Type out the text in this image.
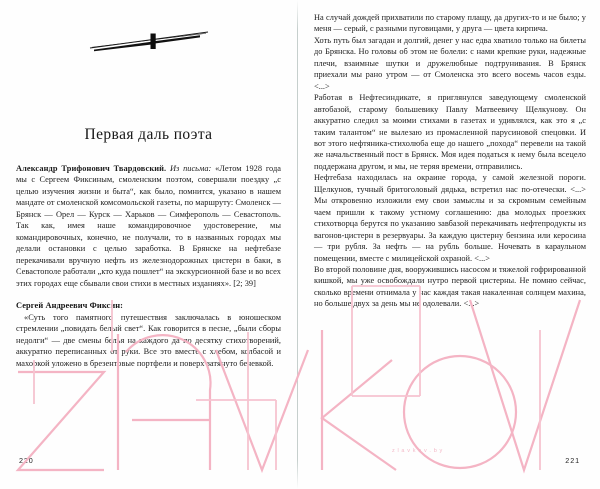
Первая даль поэта

Александр Трифонович Твардовский. Из письма: «Летом 1928 года мы с Сергеем Фиксиным, смоленским поэтом, совершали поездку „с целью изучения жизни и быта“, как было, помнится, указано в нашем мандате от смоленской комсомольской газеты, по маршруту: Смоленск — Брянск — Орел — Курск — Харьков — Симферополь — Севастополь. Так как, имея наше командировочное удостоверение, мы командировочных, конечно, не получали, то в названных городах мы делали остановки с целью заработка. В Брянске на нефтебазе перекачивали вручную нефть из железнодорожных цистерн в баки, в Севастополе работали „кто куда пошлет“ на экскурсионной базе и во всех этих городах еще сбывали свои стихи в местных изданиях». [2; 39]

Сергей Андреевич Фиксин:

«Суть того памятного путешествия заключалась в юношеском стремлении „повидать белый свет“. Как говорится в песне, „были сборы недолги“ — две смены белья на каждого да по десятку стихотворений, аккуратно переписанных от руки. Все это вместе с хлебом, колбасой и махоркой уложено в брезентовые портфели и поверх затянуто бечевкой.

220

На случай дождей прихватили по старому плащу, да других-то и не было; у меня — серый, с разными пуговицами, у друга — цвета кирпича.

Хоть путь был загадан и долгий, денег у нас едва хватило только на билеты до Брянска. Но головы об этом не болели: с нами крепкие руки, надежные плечи, взаимные шутки и дружелюбные подтрунивания. В Брянск приехали мы рано утром — от Смоленска это всего восемь часов езды. <...>

Работая в Нефтесиндикате, я приглянулся заведующему смоленской автобазой, старому большевику Павлу Матвеевичу Щелкунову. Он аккуратно следил за моими стихами в газетах и удивлялся, как это я „с таким талантом“ не вылезаю из промасленной парусиновой спецовки. И вот этого нефтяника-стихолюба еще до нашего „похода“ перевели на такой же начальственный пост в Брянск. Моя идея податься к нему была всецело поддержана другом, и мы, не теряя времени, отправились.

Нефтебаза находилась на окраине города, у самой железной пороги. Щелкунов, тучный бритоголовый дядька, встретил нас по-отечески. <...> Мы откровенно изложили ему свои замыслы и за скромным семейным чаем пришли к такому устному соглашению: два молодых проезжих стихотворца берутся по указанию завбазой перекачивать нефтепродукты из вагонов-цистерн в резервуары. За каждую цистерну бензина или керосина — три рубля. За нефть — на рубль больше. Ночевать в караульном помещении, вместе с милицейской охраной. <...>

Во второй половине дня, вооружившись насосом и тяжелой гофрированной кишкой, мы уже освобождали нутро первой цистерны. Не помню сейчас, сколько времени отнимала у нас каждая такая накаленная солнцем махина, но больше двух за день мы не одолевали. <...>

221
z l a v k o v . b y
